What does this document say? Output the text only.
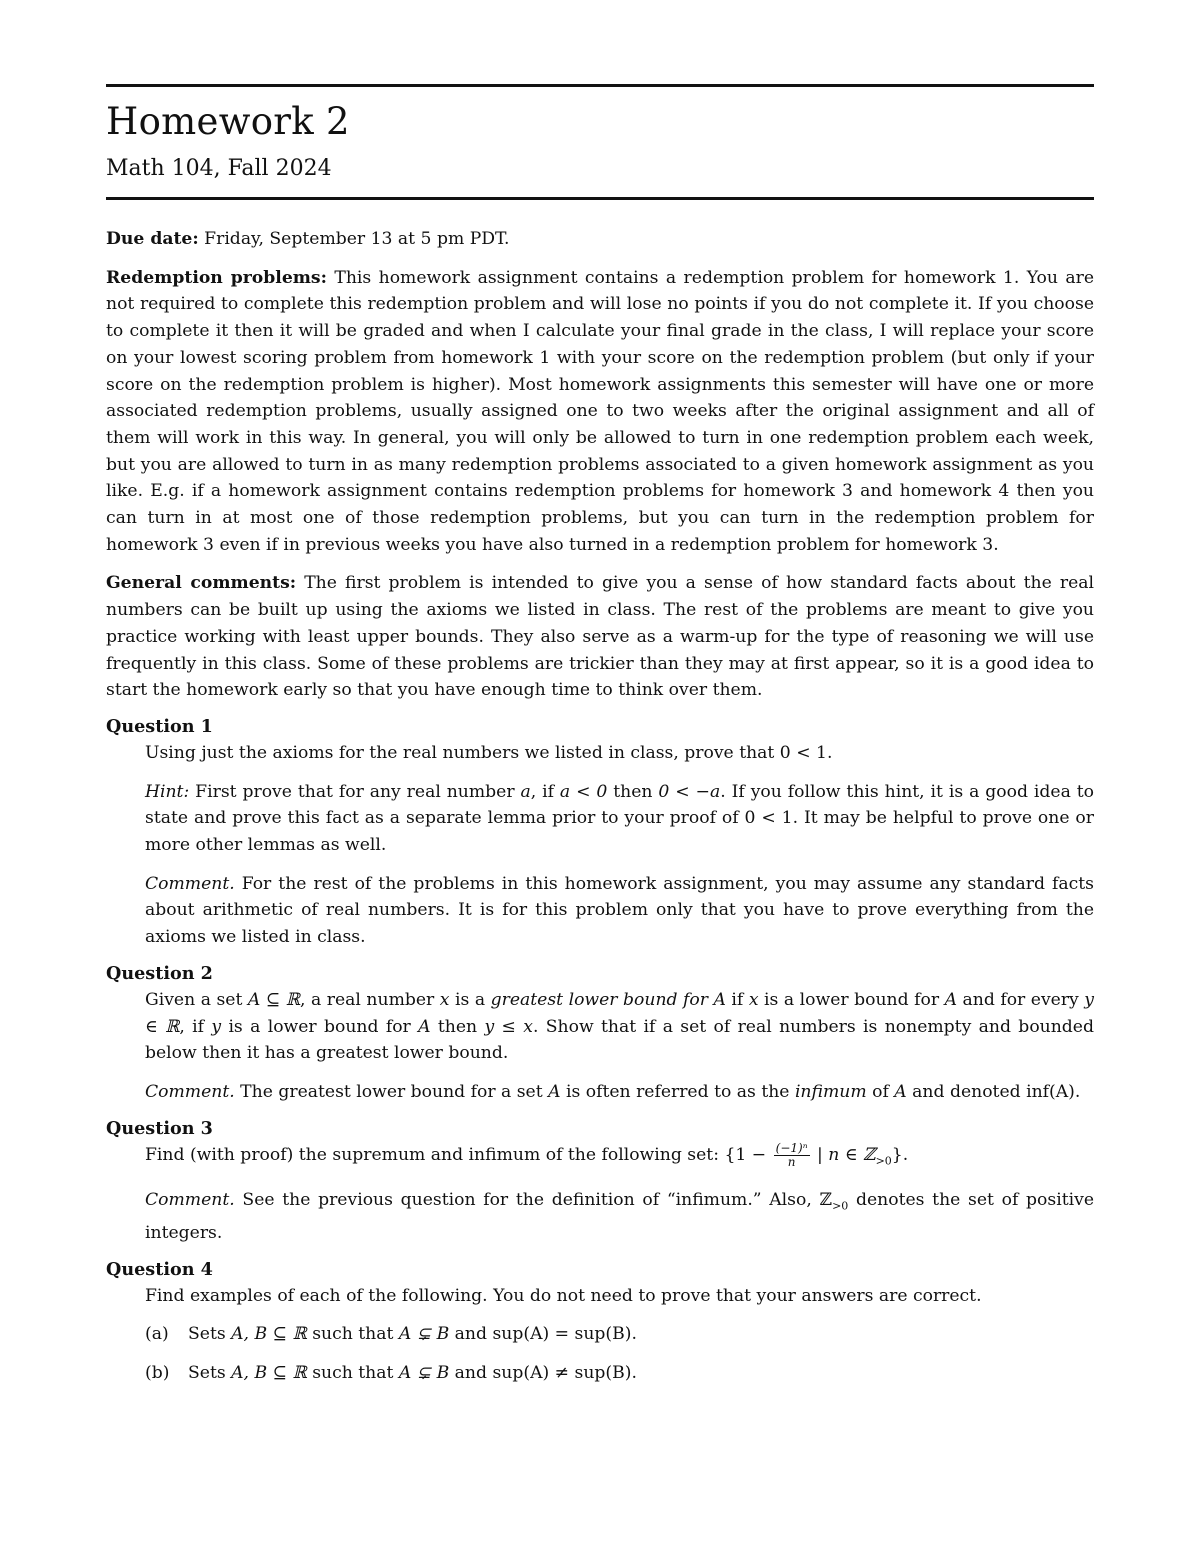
Homework 2
Math 104, Fall 2024
Due date: Friday, September 13 at 5 pm PDT.
Redemption problems: This homework assignment contains a redemption problem for homework 1. You are not required to complete this redemption problem and will lose no points if you do not complete it. If you choose to complete it then it will be graded and when I calculate your final grade in the class, I will replace your score on your lowest scoring problem from homework 1 with your score on the redemption problem (but only if your score on the redemption problem is higher). Most homework assignments this semester will have one or more associated redemption problems, usually assigned one to two weeks after the original assignment and all of them will work in this way. In general, you will only be allowed to turn in one redemption problem each week, but you are allowed to turn in as many redemption problems associated to a given homework assignment as you like. E.g. if a homework assignment contains redemption problems for homework 3 and homework 4 then you can turn in at most one of those redemption problems, but you can turn in the redemption problem for homework 3 even if in previous weeks you have also turned in a redemption problem for homework 3.
General comments: The first problem is intended to give you a sense of how standard facts about the real numbers can be built up using the axioms we listed in class. The rest of the problems are meant to give you practice working with least upper bounds. They also serve as a warm-up for the type of reasoning we will use frequently in this class. Some of these problems are trickier than they may at first appear, so it is a good idea to start the homework early so that you have enough time to think over them.
Question 1

Using just the axioms for the real numbers we listed in class, prove that 0 < 1.

Hint: First prove that for any real number a, if a < 0 then 0 < −a. If you follow this hint, it is a good idea to state and prove this fact as a separate lemma prior to your proof of 0 < 1. It may be helpful to prove one or more other lemmas as well.

Comment. For the rest of the problems in this homework assignment, you may assume any standard facts about arithmetic of real numbers. It is for this problem only that you have to prove everything from the axioms we listed in class.

Question 2

Given a set A ⊆ ℝ, a real number x is a greatest lower bound for A if x is a lower bound for A and for every y ∈ ℝ, if y is a lower bound for A then y ≤ x. Show that if a set of real numbers is nonempty and bounded below then it has a greatest lower bound.

Comment. The greatest lower bound for a set A is often referred to as the infimum of A and denoted inf(A).

Question 3

Find (with proof) the supremum and infimum of the following set: {$1 - \frac{\text{(−1)ⁿ}}{n}$ | n ∈ ℤ$_{>0}$}.

Comment. See the previous question for the definition of “infimum.” Also, ℤ$_{>0}$ denotes the set of positive integers.

Question 4

Find examples of each of the following. You do not need to prove that your answers are correct.

(a)	Sets A, B ⊆ ℝ such that A ⊊ B and sup(A) = sup(B).
(b)	Sets A, B ⊆ ℝ such that A ⊊ B and sup(A) ≠ sup(B).
